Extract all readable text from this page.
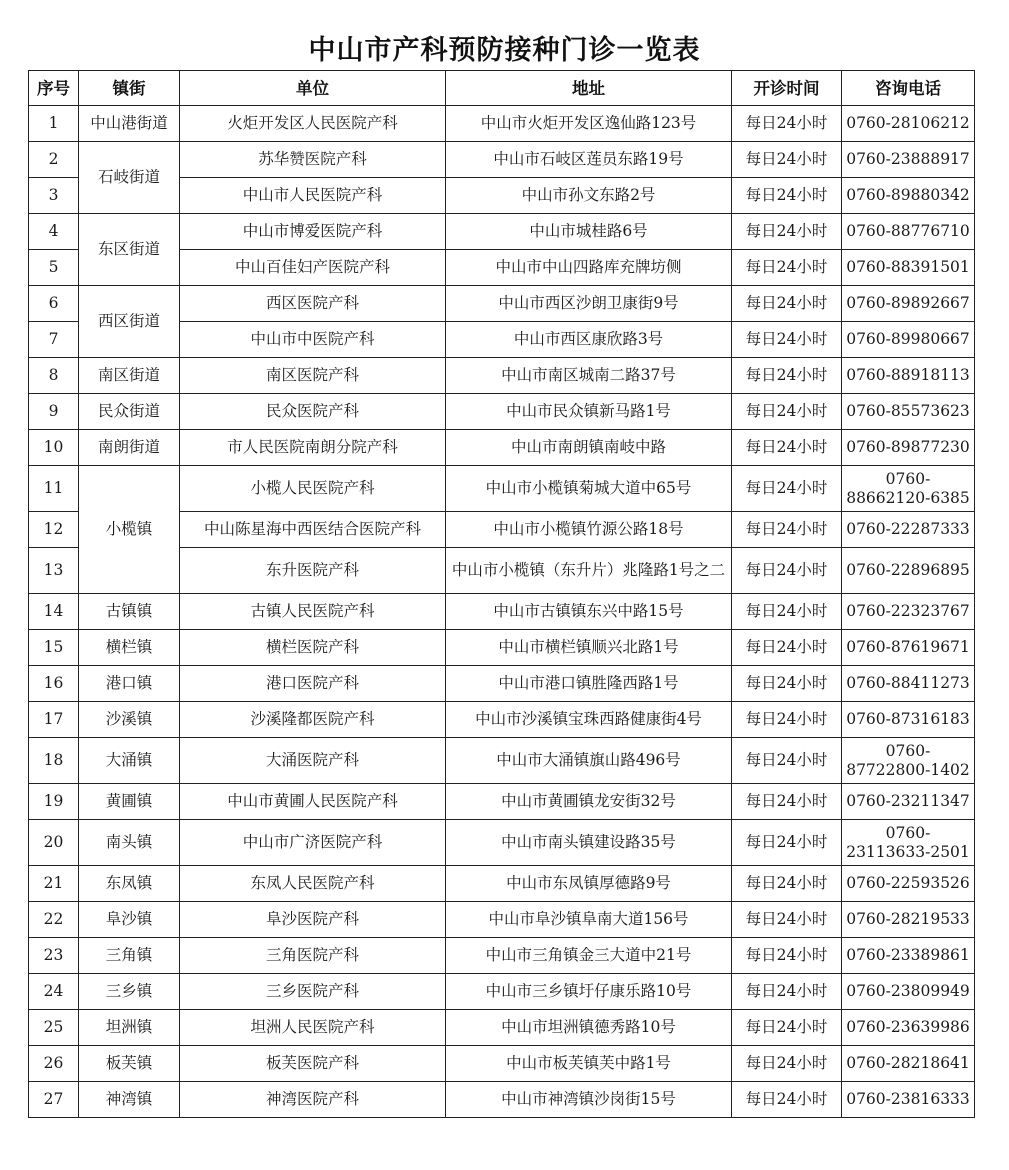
中山市产科预防接种门诊一览表
序号	镇街	单位	地址	开诊时间	咨询电话
1	中山港街道	火炬开发区人民医院产科	中山市火炬开发区逸仙路123号	每日24小时	0760-28106212
2	石岐街道	苏华赞医院产科	中山市石岐区莲员东路19号	每日24小时	0760-23888917
3		中山市人民医院产科	中山市孙文东路2号	每日24小时	0760-89880342
4	东区街道	中山市博爱医院产科	中山市城桂路6号	每日24小时	0760-88776710
5		中山百佳妇产医院产科	中山市中山四路库充牌坊侧	每日24小时	0760-88391501
6	西区街道	西区医院产科	中山市西区沙朗卫康街9号	每日24小时	0760-89892667
7		中山市中医院产科	中山市西区康欣路3号	每日24小时	0760-89980667
8	南区街道	南区医院产科	中山市南区城南二路37号	每日24小时	0760-88918113
9	民众街道	民众医院产科	中山市民众镇新马路1号	每日24小时	0760-85573623
10	南朗街道	市人民医院南朗分院产科	中山市南朗镇南岐中路	每日24小时	0760-89877230
11	小榄镇	小榄人民医院产科	中山市小榄镇菊城大道中65号	每日24小时	0760-88662120-6385
12		中山陈星海中西医结合医院产科	中山市小榄镇竹源公路18号	每日24小时	0760-22287333
13		东升医院产科	中山市小榄镇（东升片）兆隆路1号之二	每日24小时	0760-22896895
14	古镇镇	古镇人民医院产科	中山市古镇镇东兴中路15号	每日24小时	0760-22323767
15	横栏镇	横栏医院产科	中山市横栏镇顺兴北路1号	每日24小时	0760-87619671
16	港口镇	港口医院产科	中山市港口镇胜隆西路1号	每日24小时	0760-88411273
17	沙溪镇	沙溪隆都医院产科	中山市沙溪镇宝珠西路健康街4号	每日24小时	0760-87316183
18	大涌镇	大涌医院产科	中山市大涌镇旗山路496号	每日24小时	0760-87722800-1402
19	黄圃镇	中山市黄圃人民医院产科	中山市黄圃镇龙安街32号	每日24小时	0760-23211347
20	南头镇	中山市广济医院产科	中山市南头镇建设路35号	每日24小时	0760-23113633-2501
21	东凤镇	东凤人民医院产科	中山市东凤镇厚德路9号	每日24小时	0760-22593526
22	阜沙镇	阜沙医院产科	中山市阜沙镇阜南大道156号	每日24小时	0760-28219533
23	三角镇	三角医院产科	中山市三角镇金三大道中21号	每日24小时	0760-23389861
24	三乡镇	三乡医院产科	中山市三乡镇圩仔康乐路10号	每日24小时	0760-23809949
25	坦洲镇	坦洲人民医院产科	中山市坦洲镇德秀路10号	每日24小时	0760-23639986
26	板芙镇	板芙医院产科	中山市板芙镇芙中路1号	每日24小时	0760-28218641
27	神湾镇	神湾医院产科	中山市神湾镇沙岗街15号	每日24小时	0760-23816333
